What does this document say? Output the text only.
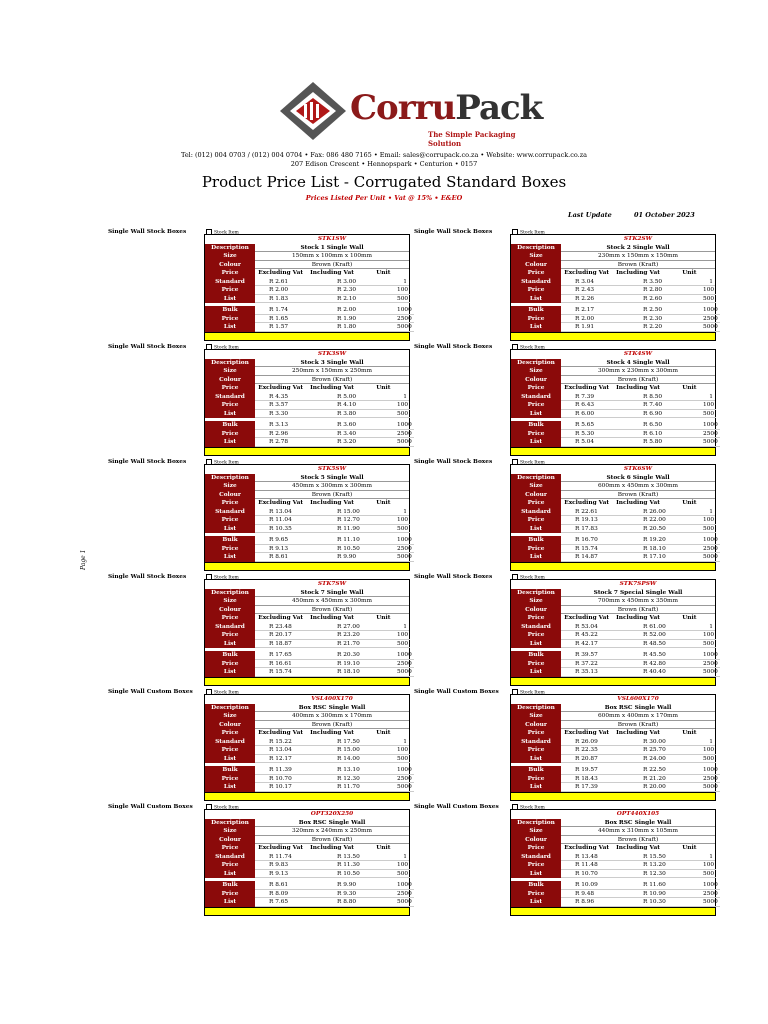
CorruPack
The Simple Packaging Solution
Tel: (012) 004 0703 / (012) 004 0704 • Fax: 086 480 7165 • Email: sales@corrupack.co.za • Website: www.corrupack.co.za
207 Edison Crescent • Hennopspark • Centurion • 0157
Product Price List - Corrugated Standard Boxes
Prices Listed Per Unit • Vat @ 15% • E&EO
Last Update	01 October 2023
Page 1
Single Wall Stock Boxes	Stock Item
STK1SW
Description	Stock 1 Single Wall
Size	150mm x 100mm x 100mm
Colour	Brown (Kraft)
Price	Excluding Vat	Including Vat	Unit
Standard	R 2.61	R 3.00	1
Price	R 2.00	R 2.30	100
List	R 1.83	R 2.10	500
Bulk	R 1.74	R 2.00	1000
Price	R 1.65	R 1.90	2500
List	R 1.57	R 1.80	5000
Single Wall Stock Boxes	Stock Item
STK2SW
Description	Stock 2 Single Wall
Size	230mm x 150mm x 150mm
Colour	Brown (Kraft)
Price	Excluding Vat	Including Vat	Unit
Standard	R 3.04	R 3.50	1
Price	R 2.43	R 2.80	100
List	R 2.26	R 2.60	500
Bulk	R 2.17	R 2.50	1000
Price	R 2.00	R 2.30	2500
List	R 1.91	R 2.20	5000
Single Wall Stock Boxes	Stock Item
STK3SW
Description	Stock 3 Single Wall
Size	250mm x 150mm x 250mm
Colour	Brown (Kraft)
Price	Excluding Vat	Including Vat	Unit
Standard	R 4.35	R 5.00	1
Price	R 3.57	R 4.10	100
List	R 3.30	R 3.80	500
Bulk	R 3.13	R 3.60	1000
Price	R 2.96	R 3.40	2500
List	R 2.78	R 3.20	5000
Single Wall Stock Boxes	Stock Item
STK4SW
Description	Stock 4 Single Wall
Size	300mm x 230mm x 300mm
Colour	Brown (Kraft)
Price	Excluding Vat	Including Vat	Unit
Standard	R 7.39	R 8.50	1
Price	R 6.43	R 7.40	100
List	R 6.00	R 6.90	500
Bulk	R 5.65	R 6.50	1000
Price	R 5.30	R 6.10	2500
List	R 5.04	R 5.80	5000
Single Wall Stock Boxes	Stock Item
STK5SW
Description	Stock 5 Single Wall
Size	450mm x 300mm x 300mm
Colour	Brown (Kraft)
Price	Excluding Vat	Including Vat	Unit
Standard	R 13.04	R 15.00	1
Price	R 11.04	R 12.70	100
List	R 10.35	R 11.90	500
Bulk	R 9.65	R 11.10	1000
Price	R 9.13	R 10.50	2500
List	R 8.61	R 9.90	5000
Single Wall Stock Boxes	Stock Item
STK6SW
Description	Stock 6 Single Wall
Size	600mm x 450mm x 300mm
Colour	Brown (Kraft)
Price	Excluding Vat	Including Vat	Unit
Standard	R 22.61	R 26.00	1
Price	R 19.13	R 22.00	100
List	R 17.83	R 20.50	500
Bulk	R 16.70	R 19.20	1000
Price	R 15.74	R 18.10	2500
List	R 14.87	R 17.10	5000
Single Wall Stock Boxes	Stock Item
STK7SW
Description	Stock 7 Single Wall
Size	450mm x 450mm x 300mm
Colour	Brown (Kraft)
Price	Excluding Vat	Including Vat	Unit
Standard	R 23.48	R 27.00	1
Price	R 20.17	R 23.20	100
List	R 18.87	R 21.70	500
Bulk	R 17.65	R 20.30	1000
Price	R 16.61	R 19.10	2500
List	R 15.74	R 18.10	5000
Single Wall Stock Boxes	Stock Item
STK7SPSW
Description	Stock 7 Special Single Wall
Size	700mm x 450mm x 350mm
Colour	Brown (Kraft)
Price	Excluding Vat	Including Vat	Unit
Standard	R 53.04	R 61.00	1
Price	R 45.22	R 52.00	100
List	R 42.17	R 48.50	500
Bulk	R 39.57	R 45.50	1000
Price	R 37.22	R 42.80	2500
List	R 35.13	R 40.40	5000
Single Wall Custom Boxes	Stock Item
VSL400X170
Description	Box RSC Single Wall
Size	400mm x 300mm x 170mm
Colour	Brown (Kraft)
Price	Excluding Vat	Including Vat	Unit
Standard	R 15.22	R 17.50	1
Price	R 13.04	R 15.00	100
List	R 12.17	R 14.00	500
Bulk	R 11.39	R 13.10	1000
Price	R 10.70	R 12.30	2500
List	R 10.17	R 11.70	5000
Single Wall Custom Boxes	Stock Item
VSL600X170
Description	Box RSC Single Wall
Size	600mm x 400mm x 170mm
Colour	Brown (Kraft)
Price	Excluding Vat	Including Vat	Unit
Standard	R 26.09	R 30.00	1
Price	R 22.35	R 25.70	100
List	R 20.87	R 24.00	500
Bulk	R 19.57	R 22.50	1000
Price	R 18.43	R 21.20	2500
List	R 17.39	R 20.00	5000
Single Wall Custom Boxes	Stock Item
OPT320X250
Description	Box RSC Single Wall
Size	320mm x 240mm x 250mm
Colour	Brown (Kraft)
Price	Excluding Vat	Including Vat	Unit
Standard	R 11.74	R 13.50	1
Price	R 9.83	R 11.30	100
List	R 9.13	R 10.50	500
Bulk	R 8.61	R 9.90	1000
Price	R 8.09	R 9.30	2500
List	R 7.65	R 8.80	5000
Single Wall Custom Boxes	Stock Item
OPT440X105
Description	Box RSC Single Wall
Size	440mm x 310mm x 105mm
Colour	Brown (Kraft)
Price	Excluding Vat	Including Vat	Unit
Standard	R 13.48	R 15.50	1
Price	R 11.48	R 13.20	100
List	R 10.70	R 12.30	500
Bulk	R 10.09	R 11.60	1000
Price	R 9.48	R 10.90	2500
List	R 8.96	R 10.30	5000
